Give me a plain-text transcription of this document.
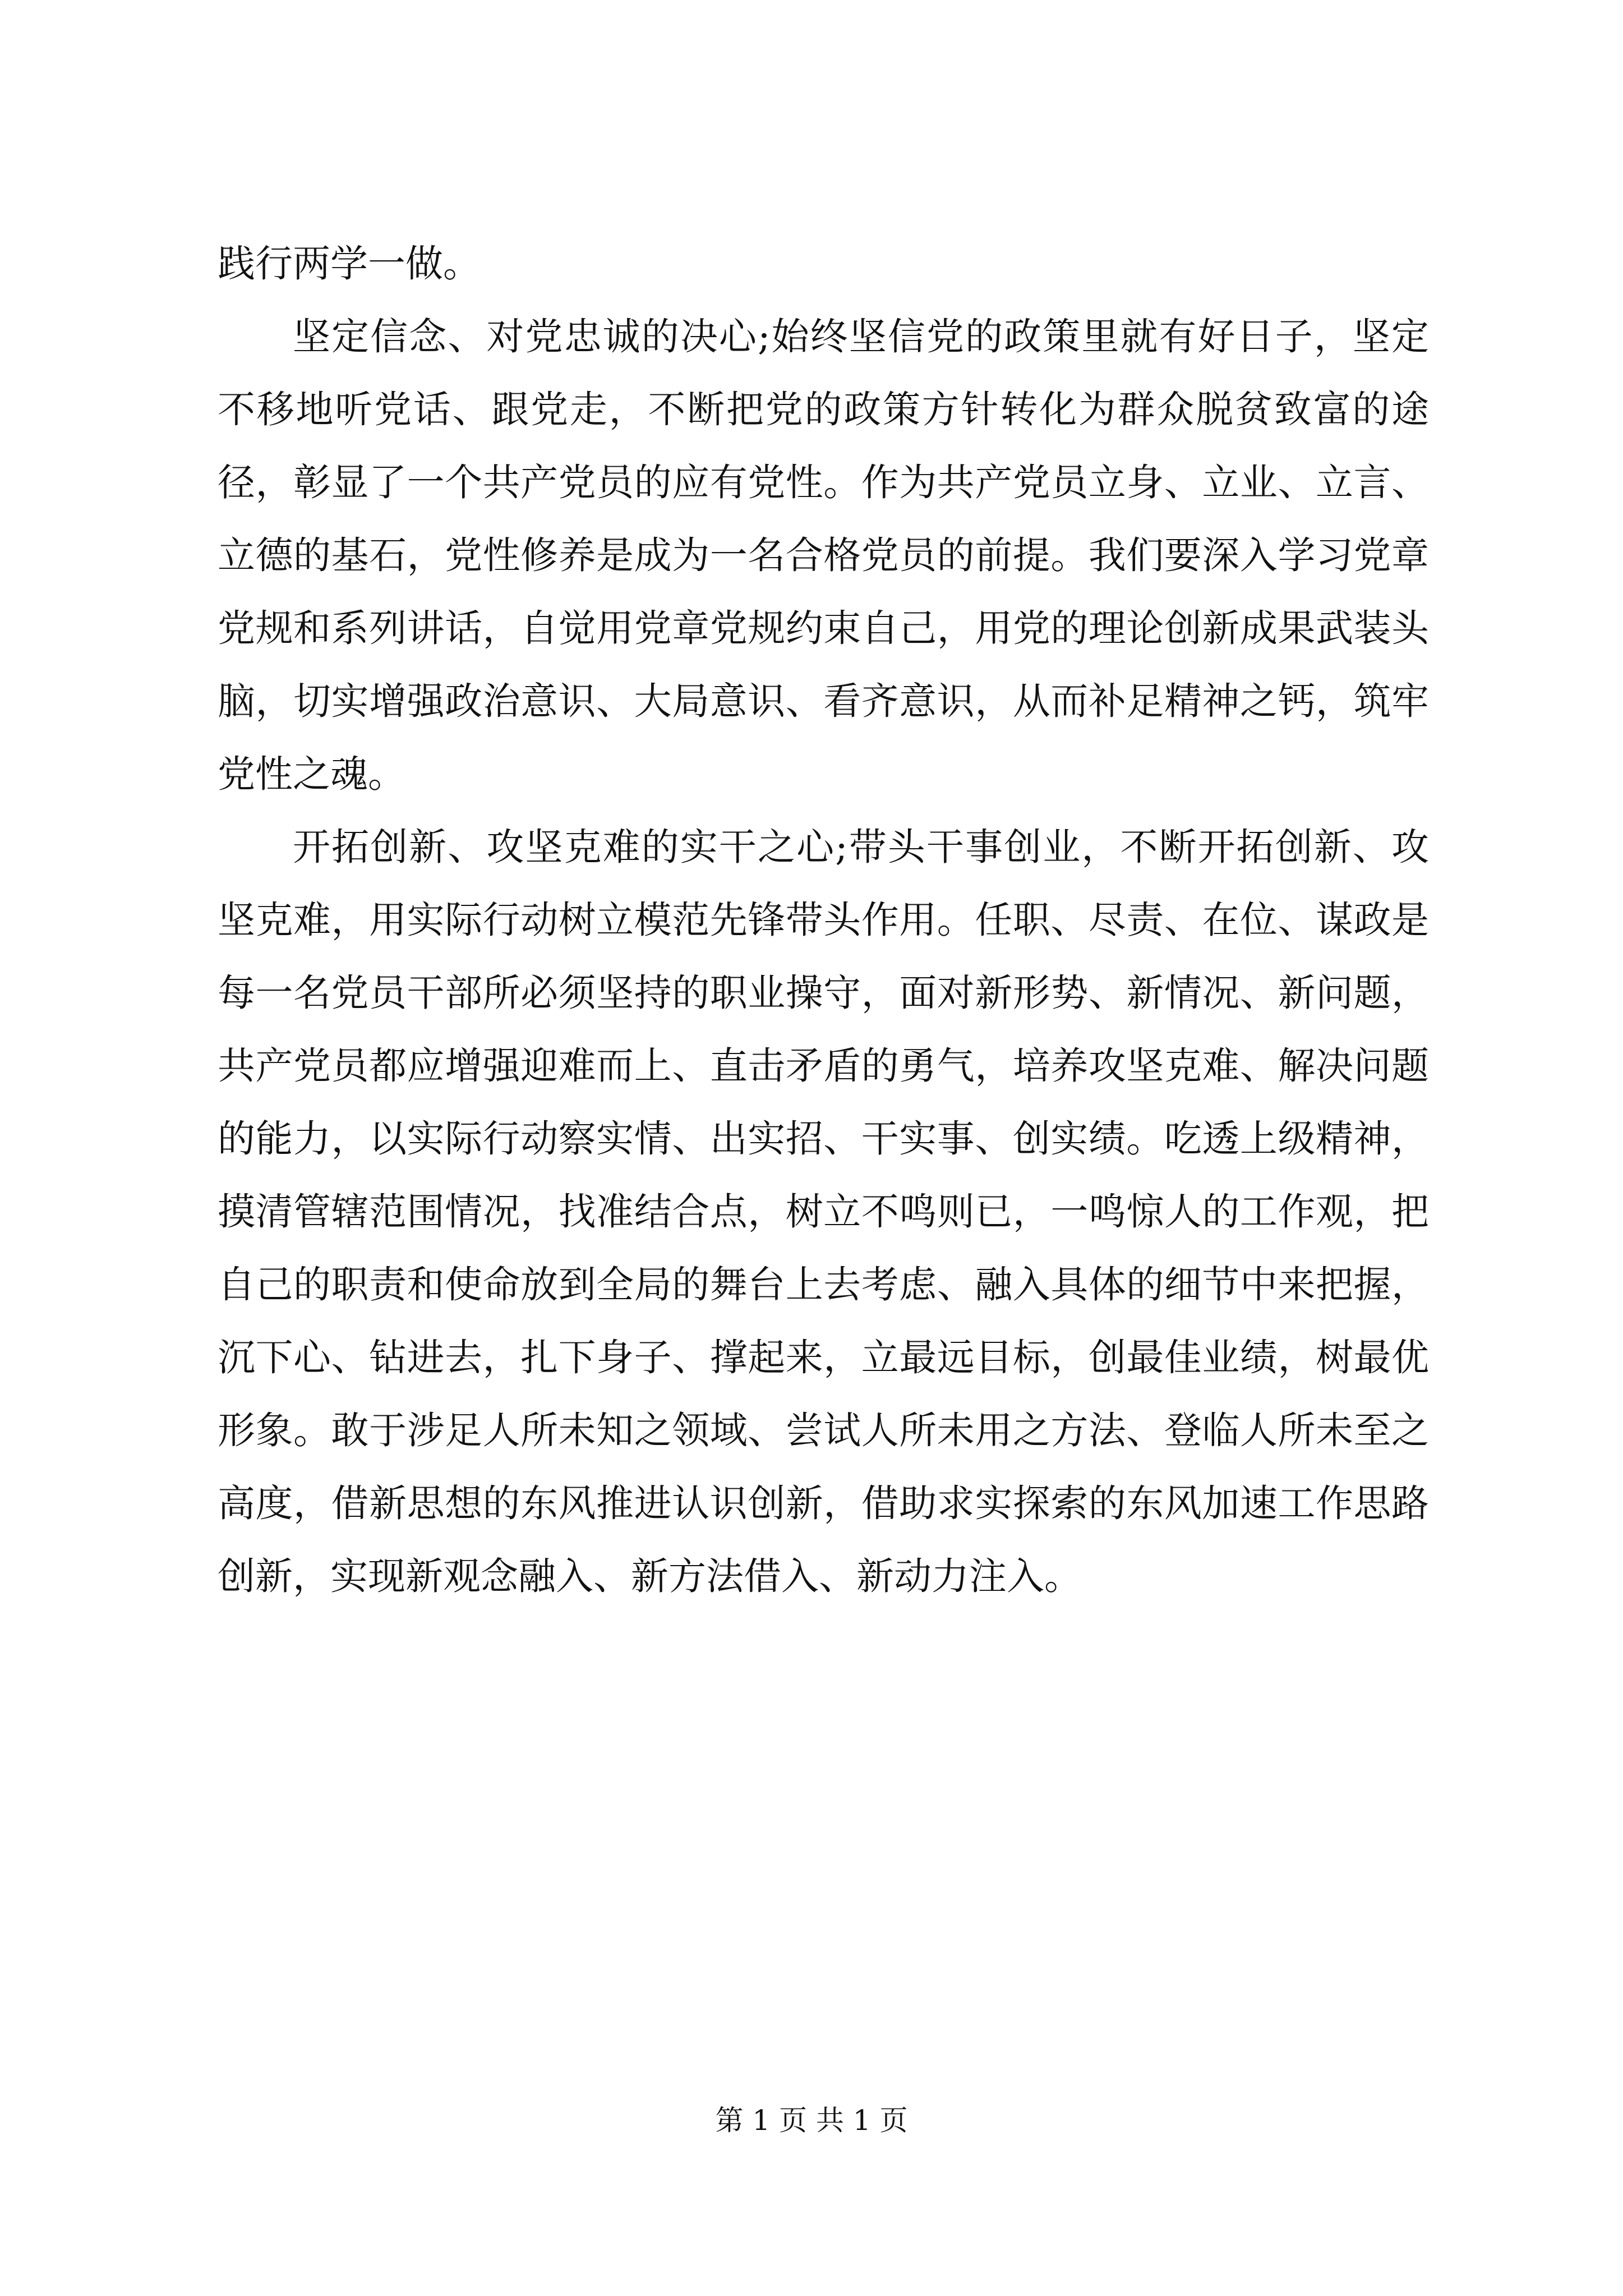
践行两学一做。

坚定信念、对党忠诚的决心;始终坚信党的政策里就有好日子，坚定不移地听党话、跟党走，不断把党的政策方针转化为群众脱贫致富的途径，彰显了一个共产党员的应有党性。作为共产党员立身、立业、立言、立德的基石，党性修养是成为一名合格党员的前提。我们要深入学习党章党规和系列讲话，自觉用党章党规约束自己，用党的理论创新成果武装头脑，切实增强政治意识、大局意识、看齐意识，从而补足精神之钙，筑牢党性之魂。

开拓创新、攻坚克难的实干之心;带头干事创业，不断开拓创新、攻坚克难，用实际行动树立模范先锋带头作用。任职、尽责、在位、谋政是每一名党员干部所必须坚持的职业操守，面对新形势、新情况、新问题，共产党员都应增强迎难而上、直击矛盾的勇气，培养攻坚克难、解决问题的能力，以实际行动察实情、出实招、干实事、创实绩。吃透上级精神，摸清管辖范围情况，找准结合点，树立不鸣则已，一鸣惊人的工作观，把自己的职责和使命放到全局的舞台上去考虑、融入具体的细节中来把握，沉下心、钻进去，扎下身子、撑起来，立最远目标，创最佳业绩，树最优形象。敢于涉足人所未知之领域、尝试人所未用之方法、登临人所未至之高度，借新思想的东风推进认识创新，借助求实探索的东风加速工作思路创新，实现新观念融入、新方法借入、新动力注入。

第 1 页 共 1 页
